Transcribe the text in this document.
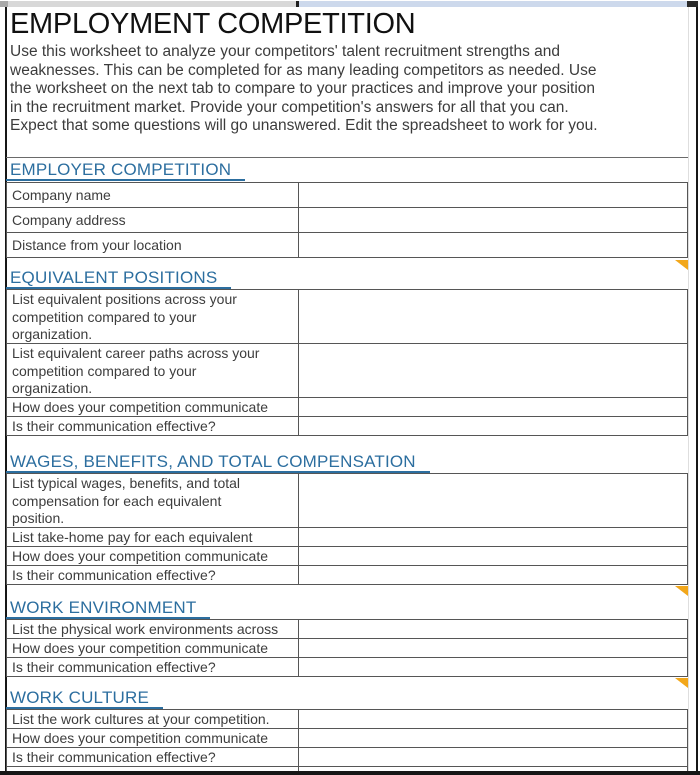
EMPLOYMENT COMPETITION
Use this worksheet to analyze your competitors' talent recruitment strengths and
weaknesses. This can be completed for as many leading competitors as needed. Use
the worksheet on the next tab to compare to your practices and improve your position
in the recruitment market. Provide your competition's answers for all that you can.
Expect that some questions will go unanswered. Edit the spreadsheet to work for you.
EMPLOYER COMPETITION
Company name
Company address
Distance from your location
EQUIVALENT POSITIONS
List equivalent positions across your
competition compared to your
organization.
List equivalent career paths across your
competition compared to your
organization.
How does your competition communicate
Is their communication effective?
WAGES, BENEFITS, AND TOTAL COMPENSATION
List typical wages, benefits, and total
compensation for each equivalent
position.
List take-home pay for each equivalent
How does your competition communicate
Is their communication effective?
WORK ENVIRONMENT
List the physical work environments across
How does your competition communicate
Is their communication effective?
WORK CULTURE
List the work cultures at your competition.
How does your competition communicate
Is their communication effective?
